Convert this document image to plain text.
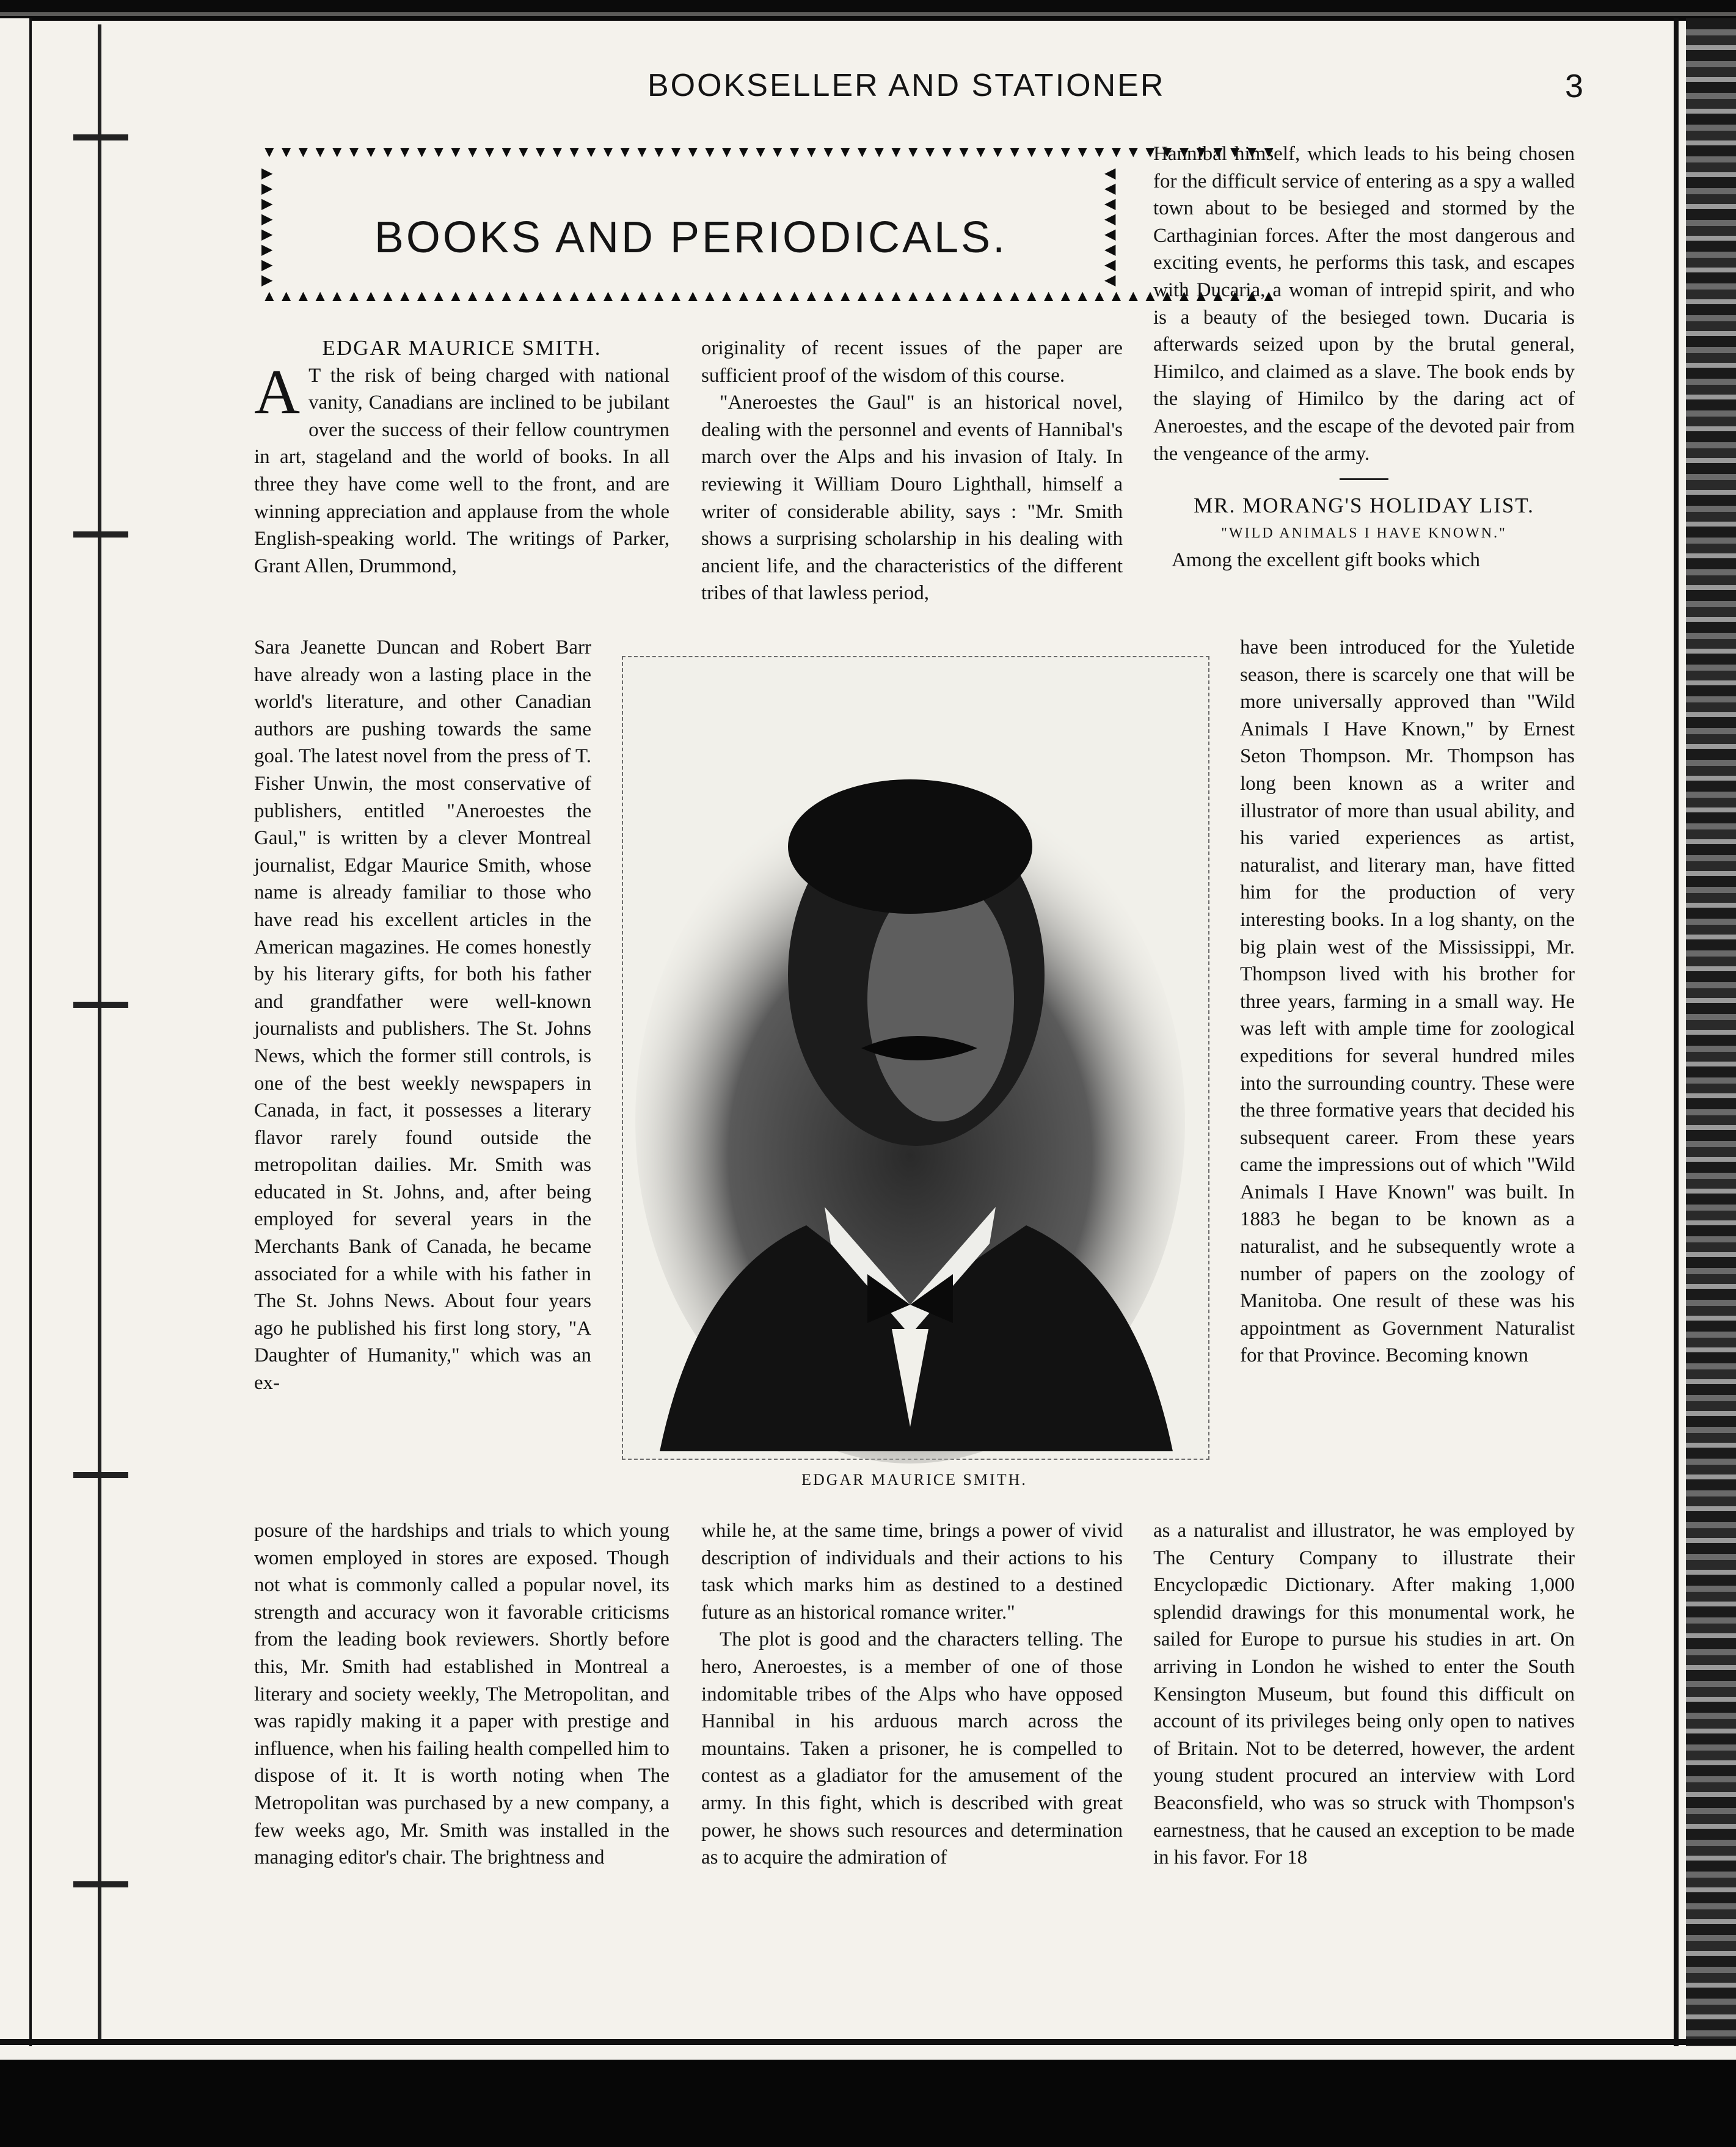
BOOKSELLER AND STATIONER	3
▼▼▼▼▼▼▼▼▼▼▼▼▼▼▼▼▼▼▼▼▼▼▼▼▼▼▼▼▼▼▼▼▼▼▼▼▼▼▼▼▼▼▼▼▼▼▼▼▼▼▼▼▼▼▼▼▼▼▼▼
▶▶▶▶▶▶▶▶
BOOKS AND PERIODICALS.
◀◀◀◀◀◀◀◀
▲▲▲▲▲▲▲▲▲▲▲▲▲▲▲▲▲▲▲▲▲▲▲▲▲▲▲▲▲▲▲▲▲▲▲▲▲▲▲▲▲▲▲▲▲▲▲▲▲▲▲▲▲▲▲▲▲▲▲▲

EDGAR MAURICE SMITH.

A T the risk of being charged with national vanity, Canadians are inclined to be jubilant over the success of their fellow countrymen in art, stageland and the world of books. In all three they have come well to the front, and are winning appreciation and applause from the whole English-speaking world. The writings of Parker, Grant Allen, Drummond,

Sara Jeanette Duncan and Robert Barr have already won a lasting place in the world's literature, and other Canadian authors are pushing towards the same goal. The latest novel from the press of T. Fisher Unwin, the most conservative of publishers, entitled "Aneroestes the Gaul," is written by a clever Montreal journalist, Edgar Maurice Smith, whose name is already familiar to those who have read his excellent articles in the American magazines. He comes honestly by his literary gifts, for both his father and grandfather were well-known journalists and publishers. The St. Johns News, which the former still controls, is one of the best weekly newspapers in Canada, in fact, it possesses a literary flavor rarely found outside the metropolitan dailies. Mr. Smith was educated in St. Johns, and, after being employed for several years in the Merchants Bank of Canada, he became associated for a while with his father in The St. Johns News. About four years ago he published his first long story, "A Daughter of Humanity," which was an ex-

posure of the hardships and trials to which young women employed in stores are exposed. Though not what is commonly called a popular novel, its strength and accuracy won it favorable criticisms from the leading book reviewers. Shortly before this, Mr. Smith had established in Montreal a literary and society weekly, The Metropolitan, and was rapidly making it a paper with prestige and influence, when his failing health compelled him to dispose of it. It is worth noting when The Metropolitan was purchased by a new company, a few weeks ago, Mr. Smith was installed in the managing editor's chair. The brightness and

originality of recent issues of the paper are sufficient proof of the wisdom of this course.

"Aneroestes the Gaul" is an historical novel, dealing with the personnel and events of Hannibal's march over the Alps and his invasion of Italy. In reviewing it William Douro Lighthall, himself a writer of considerable ability, says : "Mr. Smith shows a surprising scholarship in his dealing with ancient life, and the characteristics of the different tribes of that lawless period,

EDGAR MAURICE SMITH.

while he, at the same time, brings a power of vivid description of individuals and their actions to his task which marks him as destined to a destined future as an historical romance writer."

The plot is good and the characters telling. The hero, Aneroestes, is a member of one of those indomitable tribes of the Alps who have opposed Hannibal in his arduous march across the mountains. Taken a prisoner, he is compelled to contest as a gladiator for the amusement of the army. In this fight, which is described with great power, he shows such resources and determination as to acquire the admiration of

Hannibal himself, which leads to his being chosen for the difficult service of entering as a spy a walled town about to be besieged and stormed by the Carthaginian forces. After the most dangerous and exciting events, he performs this task, and escapes with Ducaria, a woman of intrepid spirit, and who is a beauty of the besieged town. Ducaria is afterwards seized upon by the brutal general, Himilco, and claimed as a slave. The book ends by the slaying of Himilco by the daring act of Aneroestes, and the escape of the devoted pair from the vengeance of the army.

MR. MORANG'S HOLIDAY LIST.

"WILD ANIMALS I HAVE KNOWN."

Among the excellent gift books which

have been introduced for the Yuletide season, there is scarcely one that will be more universally approved than "Wild Animals I Have Known," by Ernest Seton Thompson. Mr. Thompson has long been known as a writer and illustrator of more than usual ability, and his varied experiences as artist, naturalist, and literary man, have fitted him for the production of very interesting books. In a log shanty, on the big plain west of the Mississippi, Mr. Thompson lived with his brother for three years, farming in a small way. He was left with ample time for zoological expeditions for several hundred miles into the surrounding country. These were the three formative years that decided his subsequent career. From these years came the impressions out of which "Wild Animals I Have Known" was built. In 1883 he began to be known as a naturalist, and he subsequently wrote a number of papers on the zoology of Manitoba. One result of these was his appointment as Government Naturalist for that Province. Becoming known

as a naturalist and illustrator, he was employed by The Century Company to illustrate their Encyclopædic Dictionary. After making 1,000 splendid drawings for this monumental work, he sailed for Europe to pursue his studies in art. On arriving in London he wished to enter the South Kensington Museum, but found this difficult on account of its privileges being only open to natives of Britain. Not to be deterred, however, the ardent young student procured an interview with Lord Beaconsfield, who was so struck with Thompson's earnestness, that he caused an exception to be made in his favor. For 18
